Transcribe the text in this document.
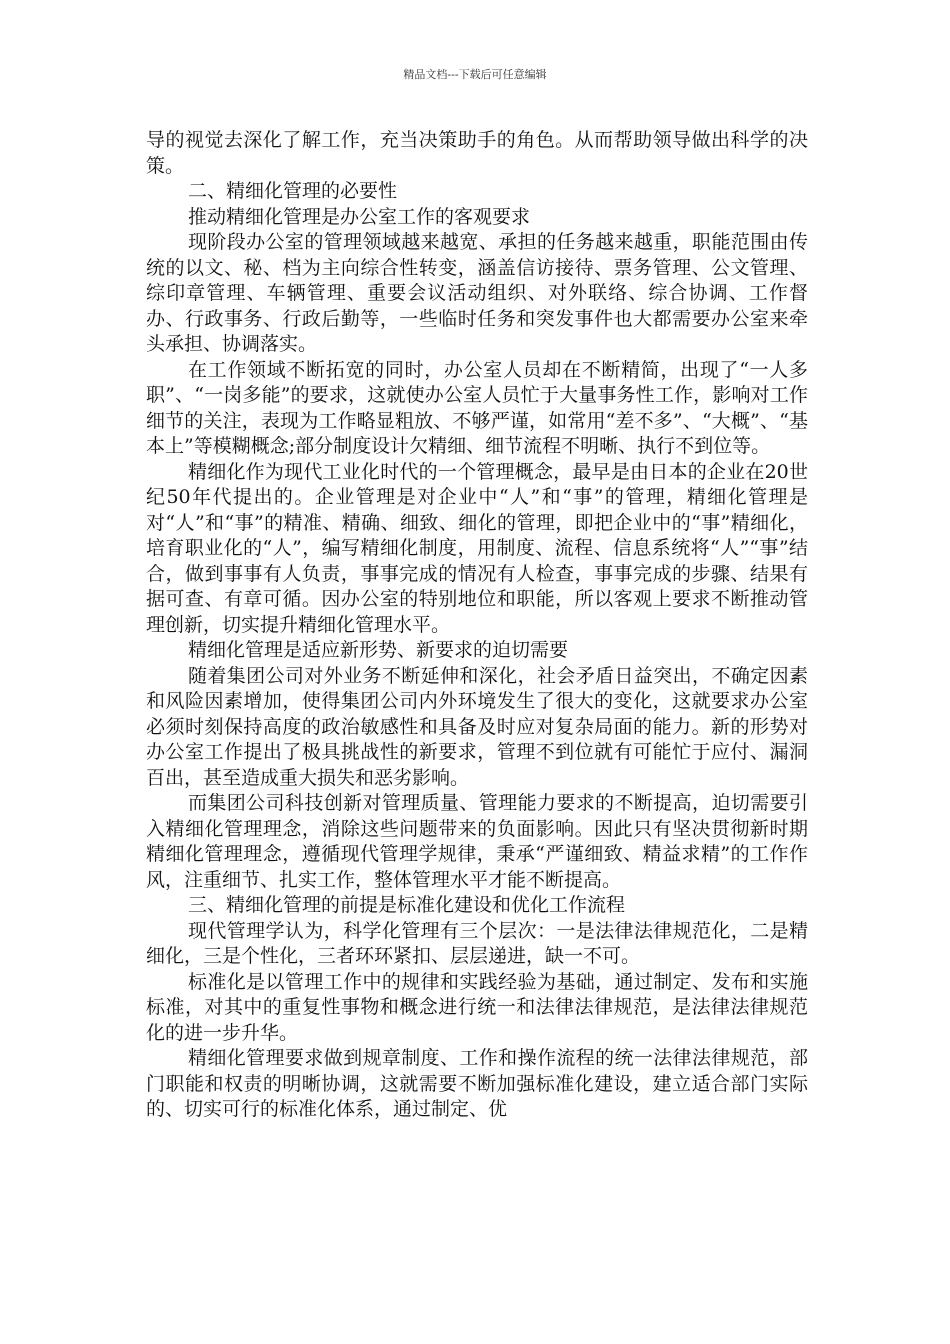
精品文档---下载后可任意编辑

导的视觉去深化了解工作，充当决策助手的角色。从而帮助领导做出科学的决策。

二、精细化管理的必要性

推动精细化管理是办公室工作的客观要求

现阶段办公室的管理领域越来越宽、承担的任务越来越重，职能范围由传统的以文、秘、档为主向综合性转变，涵盖信访接待、票务管理、公文管理、综印章管理、车辆管理、重要会议活动组织、对外联络、综合协调、工作督办、行政事务、行政后勤等，一些临时任务和突发事件也大都需要办公室来牵头承担、协调落实。

在工作领域不断拓宽的同时，办公室人员却在不断精简，出现了“一人多职”、“一岗多能”的要求，这就使办公室人员忙于大量事务性工作，影响对工作细节的关注，表现为工作略显粗放、不够严谨，如常用“差不多”、“大概”、“基本上”等模糊概念;部分制度设计欠精细、细节流程不明晰、执行不到位等。

精细化作为现代工业化时代的一个管理概念，最早是由日本的企业在20世纪50年代提出的。企业管理是对企业中“人”和“事”的管理，精细化管理是对“人”和“事”的精准、精确、细致、细化的管理，即把企业中的“事”精细化，培育职业化的“人”，编写精细化制度，用制度、流程、信息系统将“人”“事”结合，做到事事有人负责，事事完成的情况有人检查，事事完成的步骤、结果有据可查、有章可循。因办公室的特别地位和职能，所以客观上要求不断推动管理创新，切实提升精细化管理水平。

精细化管理是适应新形势、新要求的迫切需要

随着集团公司对外业务不断延伸和深化，社会矛盾日益突出，不确定因素和风险因素增加，使得集团公司内外环境发生了很大的变化，这就要求办公室必须时刻保持高度的政治敏感性和具备及时应对复杂局面的能力。新的形势对办公室工作提出了极具挑战性的新要求，管理不到位就有可能忙于应付、漏洞百出，甚至造成重大损失和恶劣影响。

而集团公司科技创新对管理质量、管理能力要求的不断提高，迫切需要引入精细化管理理念，消除这些问题带来的负面影响。因此只有坚决贯彻新时期精细化管理理念，遵循现代管理学规律，秉承“严谨细致、精益求精”的工作作风，注重细节、扎实工作，整体管理水平才能不断提高。

三、精细化管理的前提是标准化建设和优化工作流程

现代管理学认为，科学化管理有三个层次：一是法律法律规范化，二是精细化，三是个性化，三者环环紧扣、层层递进，缺一不可。

标准化是以管理工作中的规律和实践经验为基础，通过制定、发布和实施标准，对其中的重复性事物和概念进行统一和法律法律规范，是法律法律规范化的进一步升华。

精细化管理要求做到规章制度、工作和操作流程的统一法律法律规范，部门职能和权责的明晰协调，这就需要不断加强标准化建设，建立适合部门实际的、切实可行的标准化体系，通过制定、优
